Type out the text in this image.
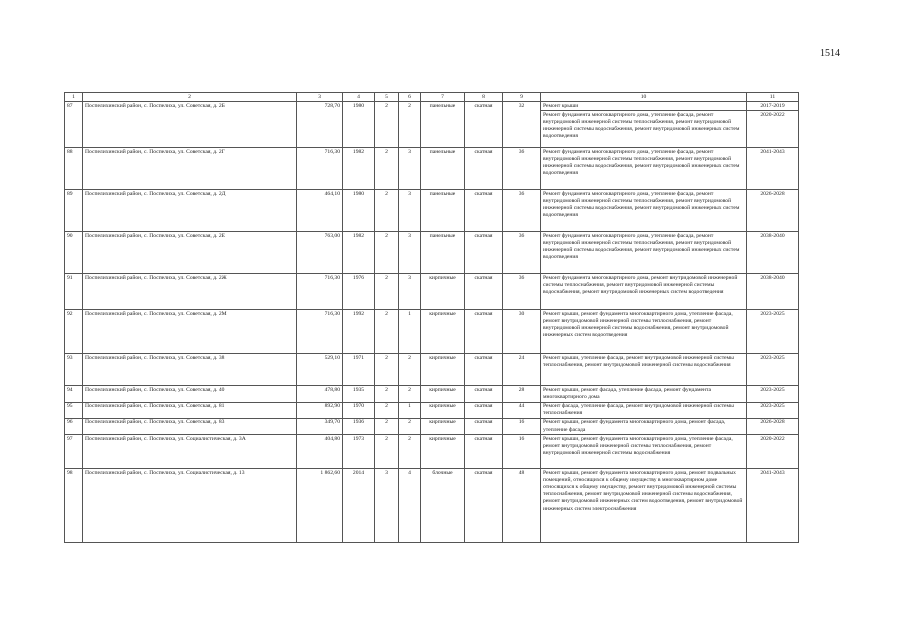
1514
1	2	3	4	5	6	7	8	9	10	11
87	Поспелихинский район, с. Поспелиха, ул. Советская, д. 2Б	728,70	1980	2	2	панельные	скатная	32	Ремонт крыши	2017-2019
									Ремонт фундамента многоквартирного дома, утепление фасада, ремонт внутридомовой инженерной системы теплоснабжения, ремонт внутридомовой инженерной системы водоснабжения, ремонт внутридомовой инженерных систем водоотведения	2020-2022
88	Поспелихинский район, с. Поспелиха, ул. Советская, д. 2Г	716,30	1982	2	3	панельные	скатная	36	Ремонт фундамента многоквартирного дома, утепление фасада, ремонт внутридомовой инженерной системы теплоснабжения, ремонт внутридомовой инженерной системы водоснабжения, ремонт внутридомовой инженерных систем водоотведения	2041-2043
89	Поспелихинский район, с. Поспелиха, ул. Советская, д. 2Д	464,10	1980	2	3	панельные	скатная	36	Ремонт фундамента многоквартирного дома, утепление фасада, ремонт внутридомовой инженерной системы теплоснабжения, ремонт внутридомовой инженерной системы водоснабжения, ремонт внутридомовой инженерных систем водоотведения	2026-2028
90	Поспелихинский район, с. Поспелиха, ул. Советская, д. 2Е	763,00	1982	2	3	панельные	скатная	36	Ремонт фундамента многоквартирного дома, утепление фасада, ремонт внутридомовой инженерной системы теплоснабжения, ремонт внутридомовой инженерной системы водоснабжения, ремонт внутридомовой инженерных систем водоотведения	2038-2040
91	Поспелихинский район, с. Поспелиха, ул. Советская, д. 2Ж	716,30	1976	2	3	кирпичные	скатная	36	Ремонт фундамента многоквартирного дома, ремонт внутридомовой инженерной системы теплоснабжения, ремонт внутридомовой инженерной системы водоснабжения, ремонт внутридомовой инженерных систем водоотведения	2038-2040
92	Поспелихинский район, с. Поспелиха, ул. Советская, д. 2М	716,30	1992	2	1	кирпичные	скатная	30	Ремонт крыши, ремонт фундамента многоквартирного дома, утепление фасада, ремонт внутридомовой инженерной системы теплоснабжения, ремонт внутридомовой инженерной системы водоснабжения, ремонт внутридомовой инженерных систем водоотведения	2023-2025
93	Поспелихинский район, с. Поспелиха, ул. Советская, д. 38	529,10	1971	2	2	кирпичные	скатная	24	Ремонт крыши, утепление фасада, ремонт внутридомовой инженерной системы теплоснабжения, ремонт внутридомовой инженерной системы водоснабжения	2023-2025
94	Поспелихинский район, с. Поспелиха, ул. Советская, д. 40	478,80	1935	2	2	кирпичные	скатная	28	Ремонт крыши, ремонт фасада, утепление фасада, ремонт фундамента многоквартирного дома	2023-2025
95	Поспелихинский район, с. Поспелиха, ул. Советская, д. 81	892,90	1970	2	1	кирпичные	скатная	44	Ремонт фасада, утепление фасада, ремонт внутридомовой инженерной системы теплоснабжения	2023-2025
96	Поспелихинский район, с. Поспелиха, ул. Советская, д. 83	349,70	1936	2	2	кирпичные	скатная	16	Ремонт крыши, ремонт фундамента многоквартирного дома, ремонт фасада, утепление фасада	2026-2028
97	Поспелихинский район, с. Поспелиха, ул. Социалистическая, д. 3А	404,80	1973	2	2	кирпичные	скатная	16	Ремонт крыши, ремонт фундамента многоквартирного дома, утепление фасада, ремонт внутридомовой инженерной системы теплоснабжения, ремонт внутридомовой инженерной системы водоснабжения	2020-2022
98	Поспелихинский район, с. Поспелиха, ул. Социалистическая, д. 13	1 862,60	2014	3	4	блочные	скатная	48	Ремонт крыши, ремонт фундамента многоквартирного дома, ремонт подвальных помещений, относящихся к общему имуществу в многоквартирном доме относящихся к общему имуществу, ремонт внутридомовой инженерной системы теплоснабжения, ремонт внутридомовой инженерной системы водоснабжения, ремонт внутридомовой инженерных систем водоотведения, ремонт внутридомовой инженерных систем электроснабжения	2041-2043
